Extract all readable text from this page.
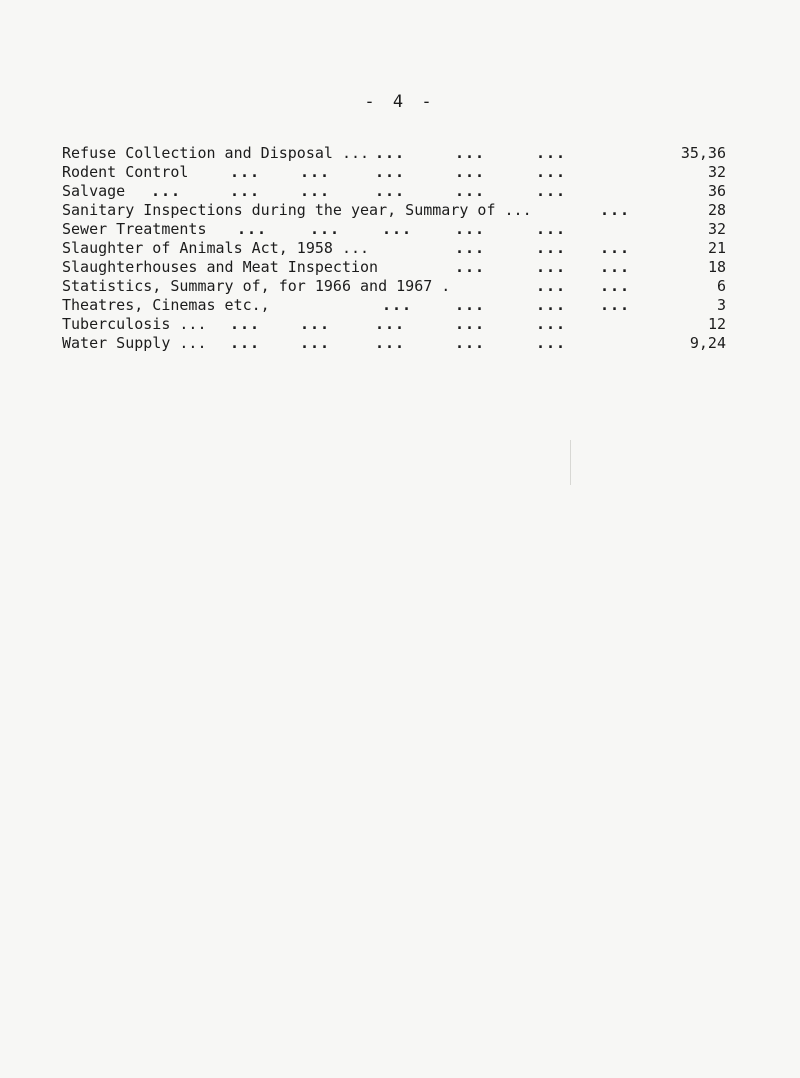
- 4 -
Refuse Collection and Disposal ... ...	...	...	35,36
Rodent Control	...	...	...	...	...	32
Salvage ...	...	...	...	...	...	36
Sanitary Inspections during the year, Summary of ...	...	28
Sewer Treatments ...	...	...	...	...	32
Slaughter of Animals Act, 1958 ...	...	... ...	21
Slaughterhouses and Meat Inspection	...	... ...	18
Statistics, Summary of, for 1966 and 1967 .	... ...	6
Theatres, Cinemas etc.,	...	...	... ...	3
Tuberculosis ... ...	...	...	...	...	12
Water Supply ... ...	...	...	...	...	9,24
